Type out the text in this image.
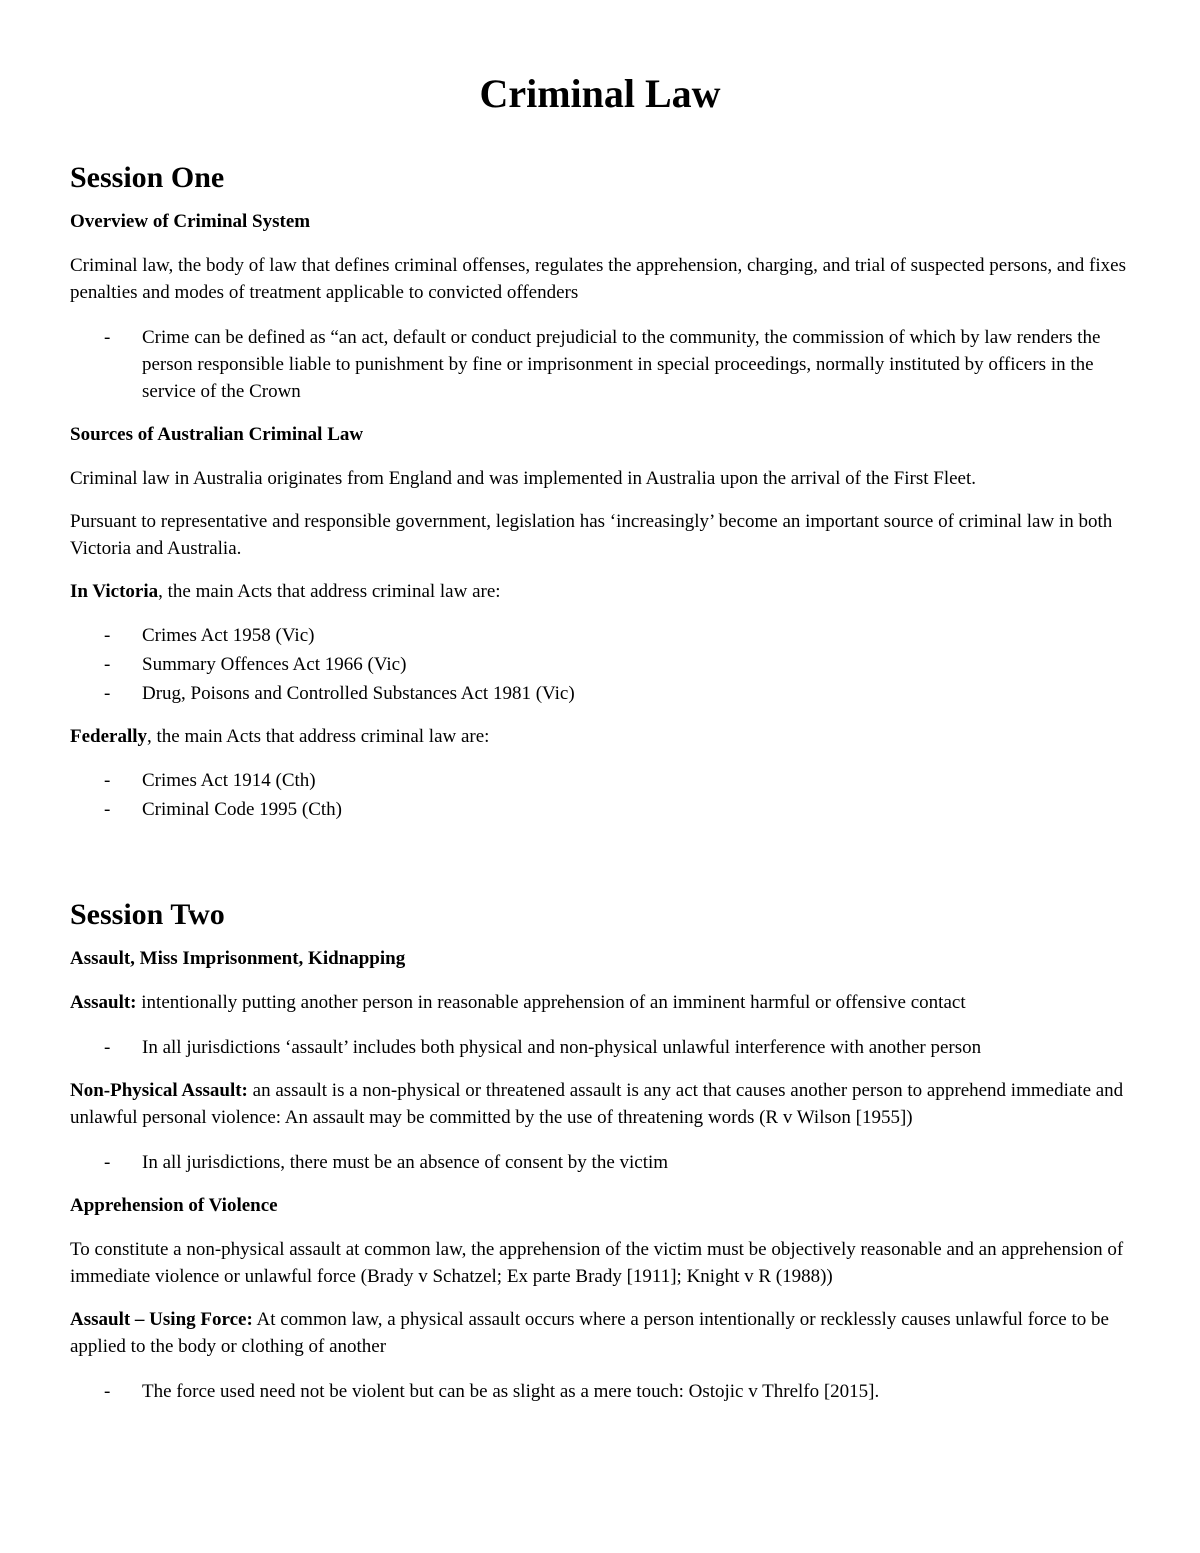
Criminal Law
Session One
Overview of Criminal System

Criminal law, the body of law that defines criminal offenses, regulates the apprehension, charging, and trial of suspected persons, and fixes penalties and modes of treatment applicable to convicted offenders

- Crime can be defined as “an act, default or conduct prejudicial to the community, the commission of which by law renders the person responsible liable to punishment by fine or imprisonment in special proceedings, normally instituted by officers in the service of the Crown
Sources of Australian Criminal Law

Criminal law in Australia originates from England and was implemented in Australia upon the arrival of the First Fleet.

Pursuant to representative and responsible government, legislation has ‘increasingly’ become an important source of criminal law in both Victoria and Australia.

In Victoria, the main Acts that address criminal law are:

- Crimes Act 1958 (Vic)
- Summary Offences Act 1966 (Vic)
- Drug, Poisons and Controlled Substances Act 1981 (Vic)

Federally, the main Acts that address criminal law are:

- Crimes Act 1914 (Cth)
- Criminal Code 1995 (Cth)
Session Two
Assault, Miss Imprisonment, Kidnapping

Assault: intentionally putting another person in reasonable apprehension of an imminent harmful or offensive contact

- In all jurisdictions ‘assault’ includes both physical and non-physical unlawful interference with another person

Non-Physical Assault: an assault is a non-physical or threatened assault is any act that causes another person to apprehend immediate and unlawful personal violence: An assault may be committed by the use of threatening words (R v Wilson [1955])

- In all jurisdictions, there must be an absence of consent by the victim
Apprehension of Violence

To constitute a non-physical assault at common law, the apprehension of the victim must be objectively reasonable and an apprehension of immediate violence or unlawful force (Brady v Schatzel; Ex parte Brady [1911]; Knight v R (1988))

Assault – Using Force: At common law, a physical assault occurs where a person intentionally or recklessly causes unlawful force to be applied to the body or clothing of another

- The force used need not be violent but can be as slight as a mere touch: Ostojic v Threlfo [2015].
